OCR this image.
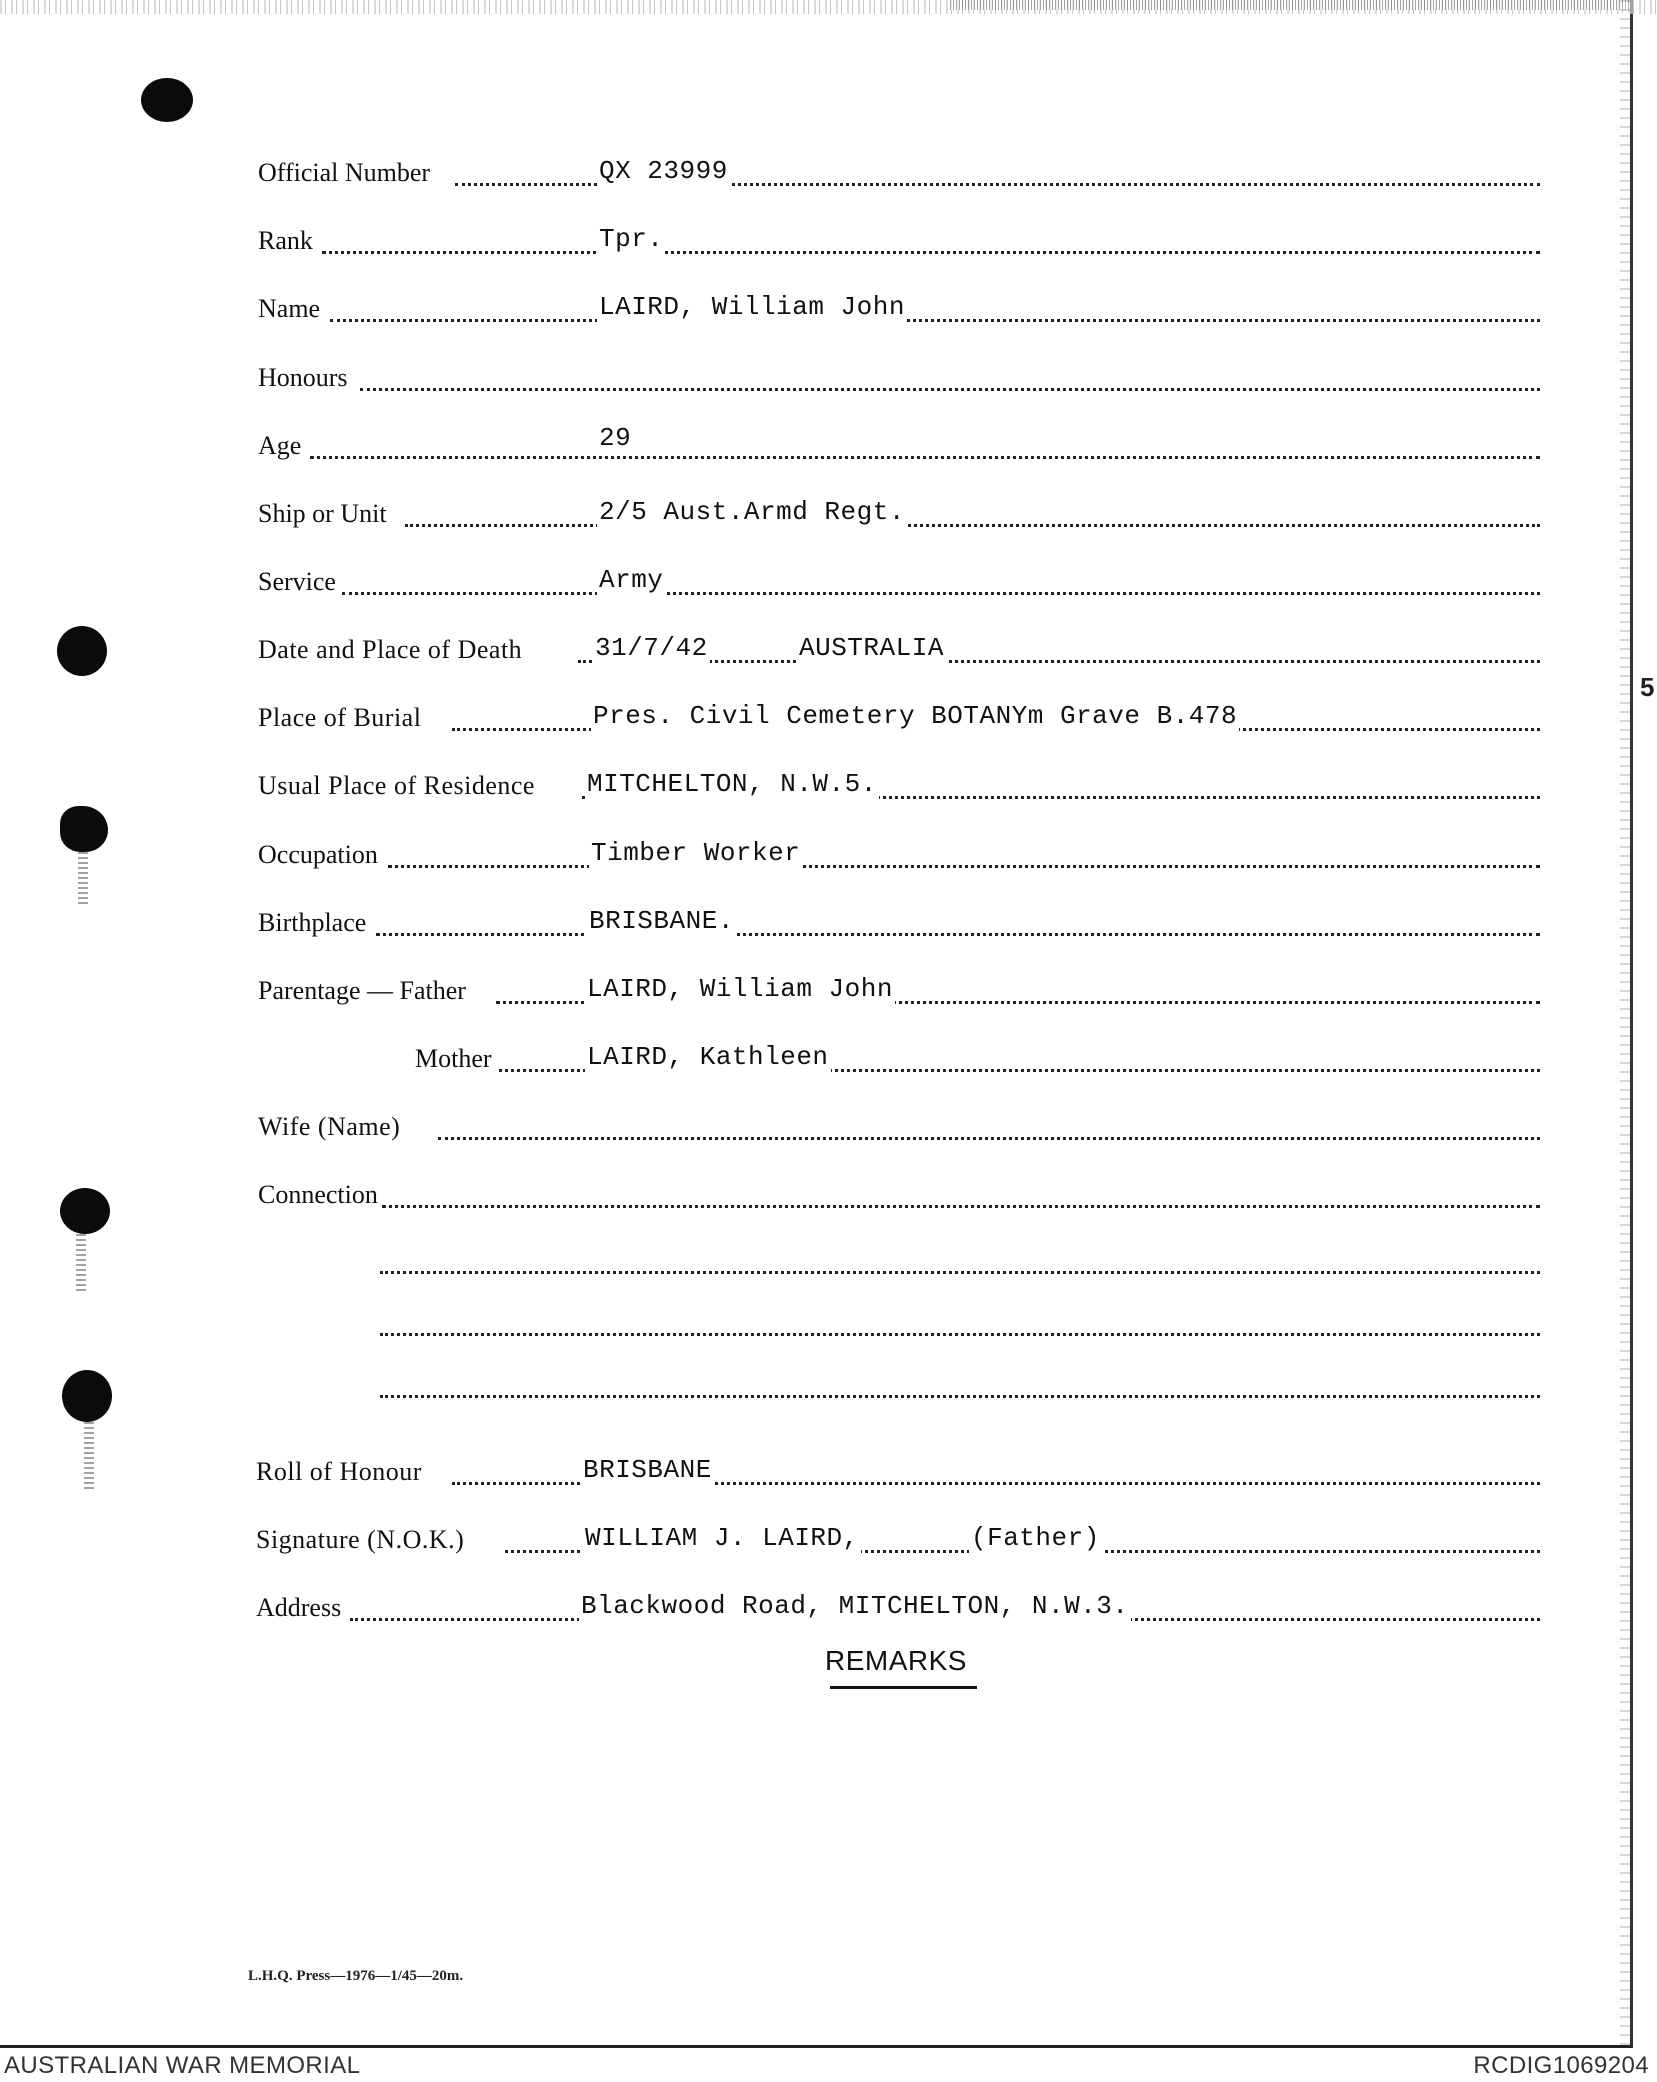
5
Official Number	QX 23999
Rank	Tpr.
Name	LAIRD, William John
Honours
Age	29
Ship or Unit	2/5 Aust.Armd Regt.
Service	Army
Date and Place of Death	31/7/42	AUSTRALIA
Place of Burial	Pres. Civil Cemetery BOTANYm Grave B.478
Usual Place of Residence MITCHELTON, N.W.5.
Occupation	Timber Worker
Birthplace	BRISBANE.
Parentage — Father	LAIRD, William John
Mother	LAIRD, Kathleen
Wife (Name)
Connection
Roll of Honour	BRISBANE
Signature (N.O.K.)	WILLIAM J. LAIRD,	(Father)
Address	Blackwood Road, MITCHELTON, N.W.3.
REMARKS
L.H.Q. Press—1976—1/45—20m.
AUSTRALIAN WAR MEMORIAL	RCDIG1069204
